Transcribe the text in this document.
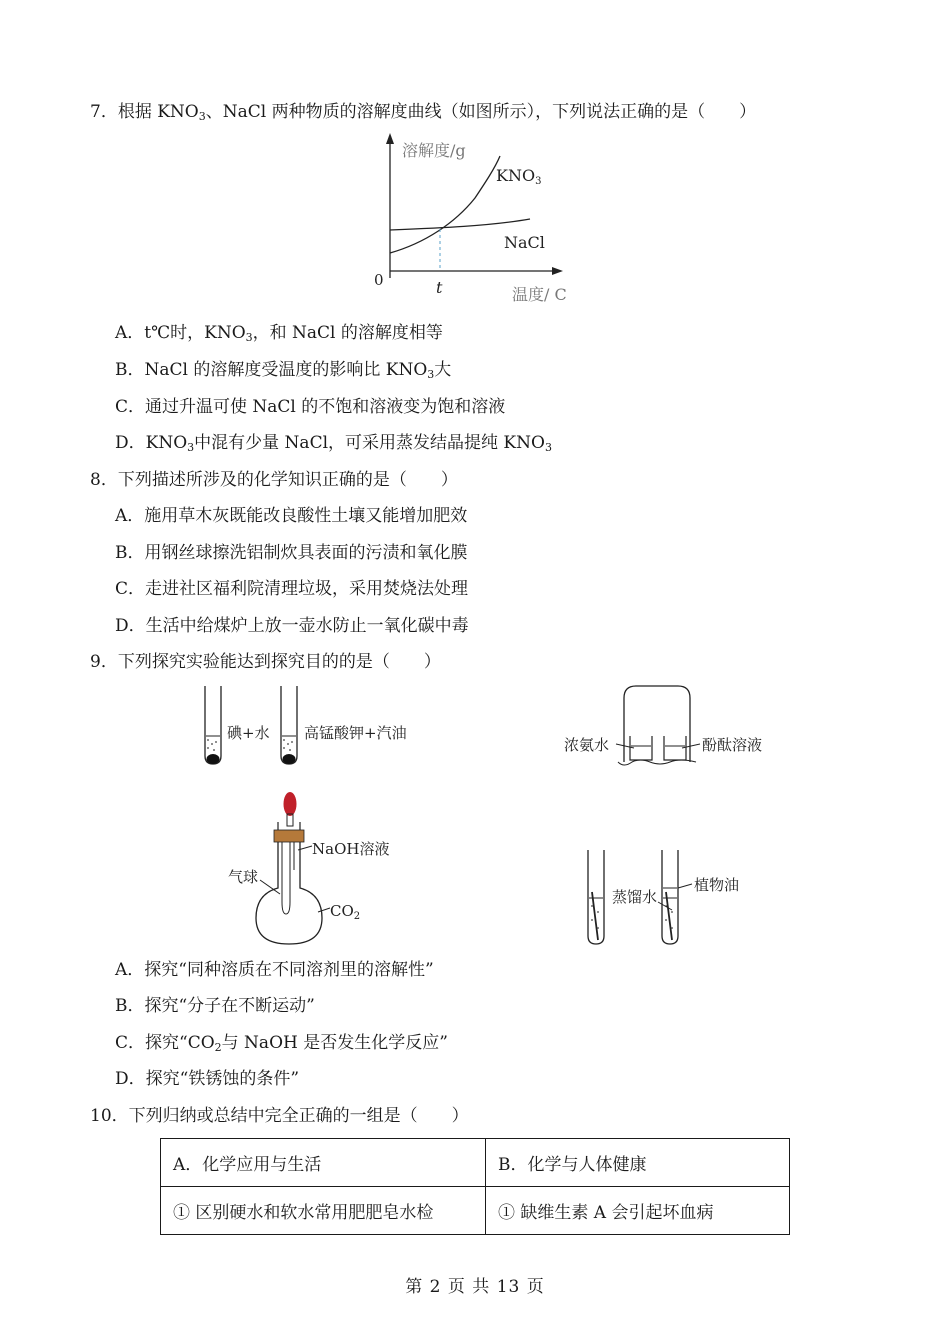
7．根据 $KNO_3$、NaCl 两种物质的溶解度曲线（如图所示），下列说法正确的是（　　）
溶解度/g
KNO3
NaCl
0	t	温度/ C
A．t℃时，$KNO_3$，和 NaCl 的溶解度相等
B．NaCl 的溶解度受温度的影响比 $KNO_3$大
C．通过升温可使 NaCl 的不饱和溶液变为饱和溶液
D．$KNO_3$中混有少量 NaCl，可采用蒸发结晶提纯 $KNO_3$
8．下列描述所涉及的化学知识正确的是（　　）
A．施用草木灰既能改良酸性土壤又能增加肥效
B．用钢丝球擦洗铝制炊具表面的污渍和氧化膜
C．走进社区福利院清理垃圾，采用焚烧法处理
D．生活中给煤炉上放一壶水防止一氧化碳中毒
9．下列探究实验能达到探究目的的是（　　）
碘+水 高锰酸钾+汽油
浓氨水	酚酞溶液
NaOH溶液
气球
$CO_2$
蒸馏水
植物油
A．探究“同种溶质在不同溶剂里的溶解性”
B．探究“分子在不断运动”
C．探究“$CO_2$与 NaOH 是否发生化学反应”
D．探究“铁锈蚀的条件”
10．下列归纳或总结中完全正确的一组是（　　）
A．化学应用与生活	B．化学与人体健康
① 区别硬水和软水常用肥肥皂水检	① 缺维生素 A 会引起坏血病
第 2 页 共 13 页
